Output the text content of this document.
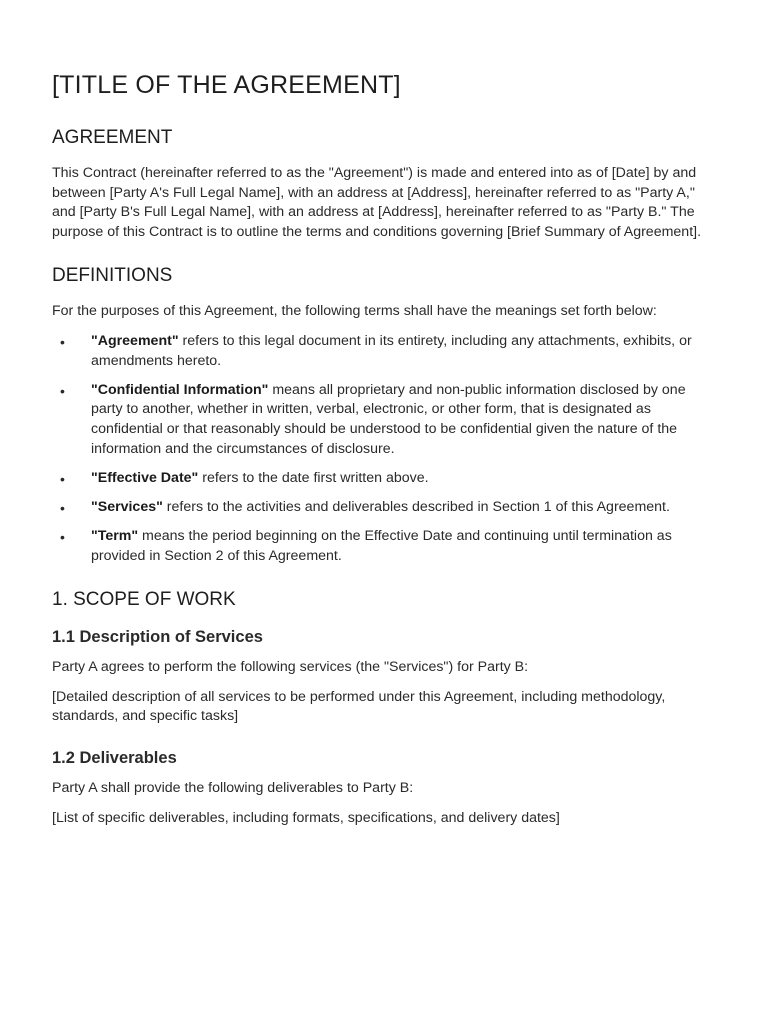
[TITLE OF THE AGREEMENT]
AGREEMENT

This Contract (hereinafter referred to as the "Agreement") is made and entered into as of [Date] by and between [Party A's Full Legal Name], with an address at [Address], hereinafter referred to as "Party A," and [Party B's Full Legal Name], with an address at [Address], hereinafter referred to as "Party B." The purpose of this Contract is to outline the terms and conditions governing [Brief Summary of Agreement].

DEFINITIONS

For the purposes of this Agreement, the following terms shall have the meanings set forth below:

• "Agreement" refers to this legal document in its entirety, including any attachments, exhibits, or amendments hereto.
• "Confidential Information" means all proprietary and non-public information disclosed by one party to another, whether in written, verbal, electronic, or other form, that is designated as confidential or that reasonably should be understood to be confidential given the nature of the information and the circumstances of disclosure.
• "Effective Date" refers to the date first written above.
• "Services" refers to the activities and deliverables described in Section 1 of this Agreement.
• "Term" means the period beginning on the Effective Date and continuing until termination as provided in Section 2 of this Agreement.
1. SCOPE OF WORK
1.1 Description of Services

Party A agrees to perform the following services (the "Services") for Party B:

[Detailed description of all services to be performed under this Agreement, including methodology, standards, and specific tasks]

1.2 Deliverables

Party A shall provide the following deliverables to Party B:

[List of specific deliverables, including formats, specifications, and delivery dates]
